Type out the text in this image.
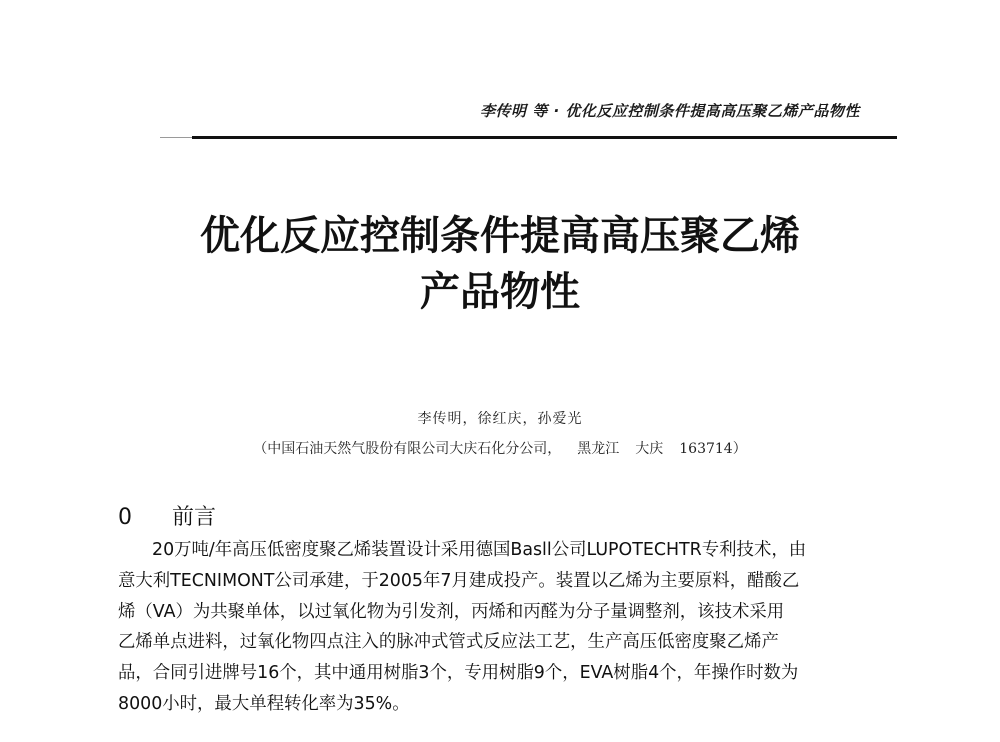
李传明 等 · 优化反应控制条件提高高压聚乙烯产品物性
优化反应控制条件提高高压聚乙烯
产品物性
李传明，徐红庆，孙爱光
（中国石油天然气股份有限公司大庆石化分公司， 黑龙江 大庆 163714）
0 前言
20万吨/年高压低密度聚乙烯装置设计采用德国Basll公司LUPOTECHTR专利技术，由
意大利TECNIMONT公司承建，于2005年7月建成投产。装置以乙烯为主要原料，醋酸乙
烯（VA）为共聚单体，以过氧化物为引发剂，丙烯和丙醛为分子量调整剂，该技术采用
乙烯单点进料，过氧化物四点注入的脉冲式管式反应法工艺，生产高压低密度聚乙烯产
品，合同引进牌号16个，其中通用树脂3个，专用树脂9个，EVA树脂4个，年操作时数为
8000小时，最大单程转化率为35%。
